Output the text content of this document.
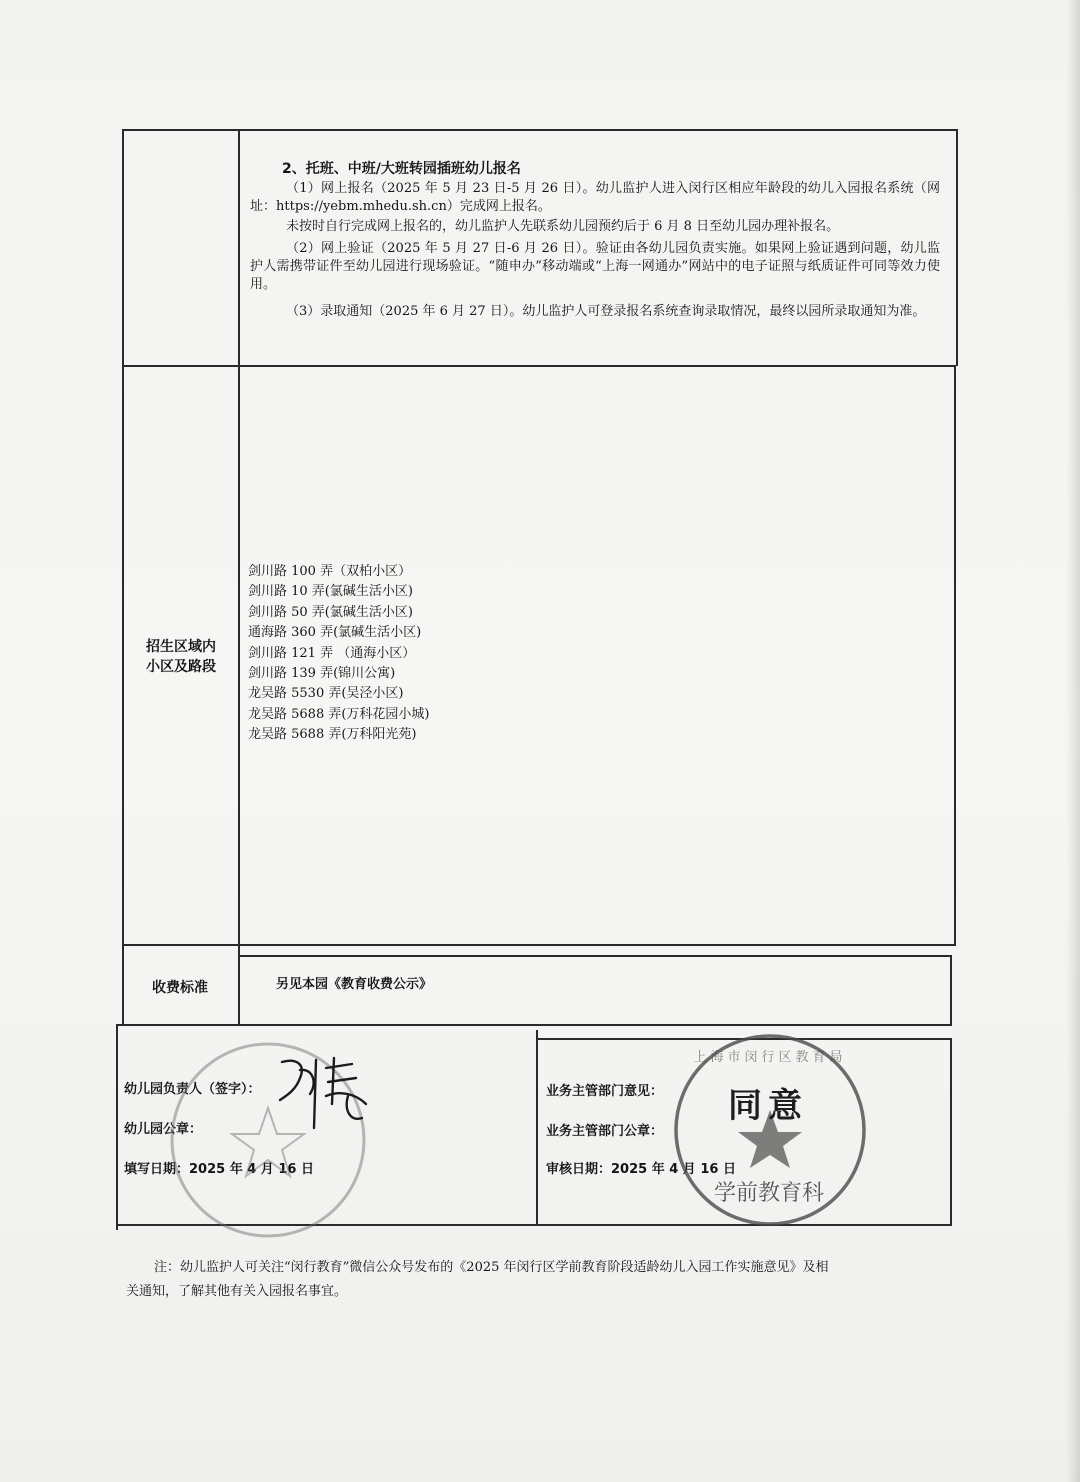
2、托班、中班/大班转园插班幼儿报名
（1）网上报名（2025 年 5 月 23 日-5 月 26 日）。幼儿监护人进入闵行区相应年龄段的幼儿入园报名系统（网址：https://yebm.mhedu.sh.cn）完成网上报名。
未按时自行完成网上报名的，幼儿监护人先联系幼儿园预约后于 6 月 8 日至幼儿园办理补报名。
（2）网上验证（2025 年 5 月 27 日-6 月 26 日）。验证由各幼儿园负责实施。如果网上验证遇到问题，幼儿监护人需携带证件至幼儿园进行现场验证。“随申办”移动端或“上海一网通办”网站中的电子证照与纸质证件可同等效力使用。
（3）录取通知（2025 年 6 月 27 日）。幼儿监护人可登录报名系统查询录取情况，最终以园所录取通知为准。
招生区域内
小区及路段
剑川路 100 弄（双柏小区）
剑川路 10 弄(氯碱生活小区)
剑川路 50 弄(氯碱生活小区)
通海路 360 弄(氯碱生活小区)
剑川路 121 弄 （通海小区）
剑川路 139 弄(锦川公寓)
龙吴路 5530 弄(吴泾小区)
龙吴路 5688 弄(万科花园小城)
龙吴路 5688 弄(万科阳光苑)
收费标准	另见本园《教育收费公示》
幼儿园负责人（签字）：
幼儿园公章：
填写日期：2025 年 4 月 16 日
业务主管部门意见：
业务主管部门公章：
审核日期：2025 年 4 月 16 日
同意
学前教育科
上海市闵行区教育局
注：幼儿监护人可关注“闵行教育”微信公众号发布的《2025 年闵行区学前教育阶段适龄幼儿入园工作实施意见》及相
关通知，了解其他有关入园报名事宜。
